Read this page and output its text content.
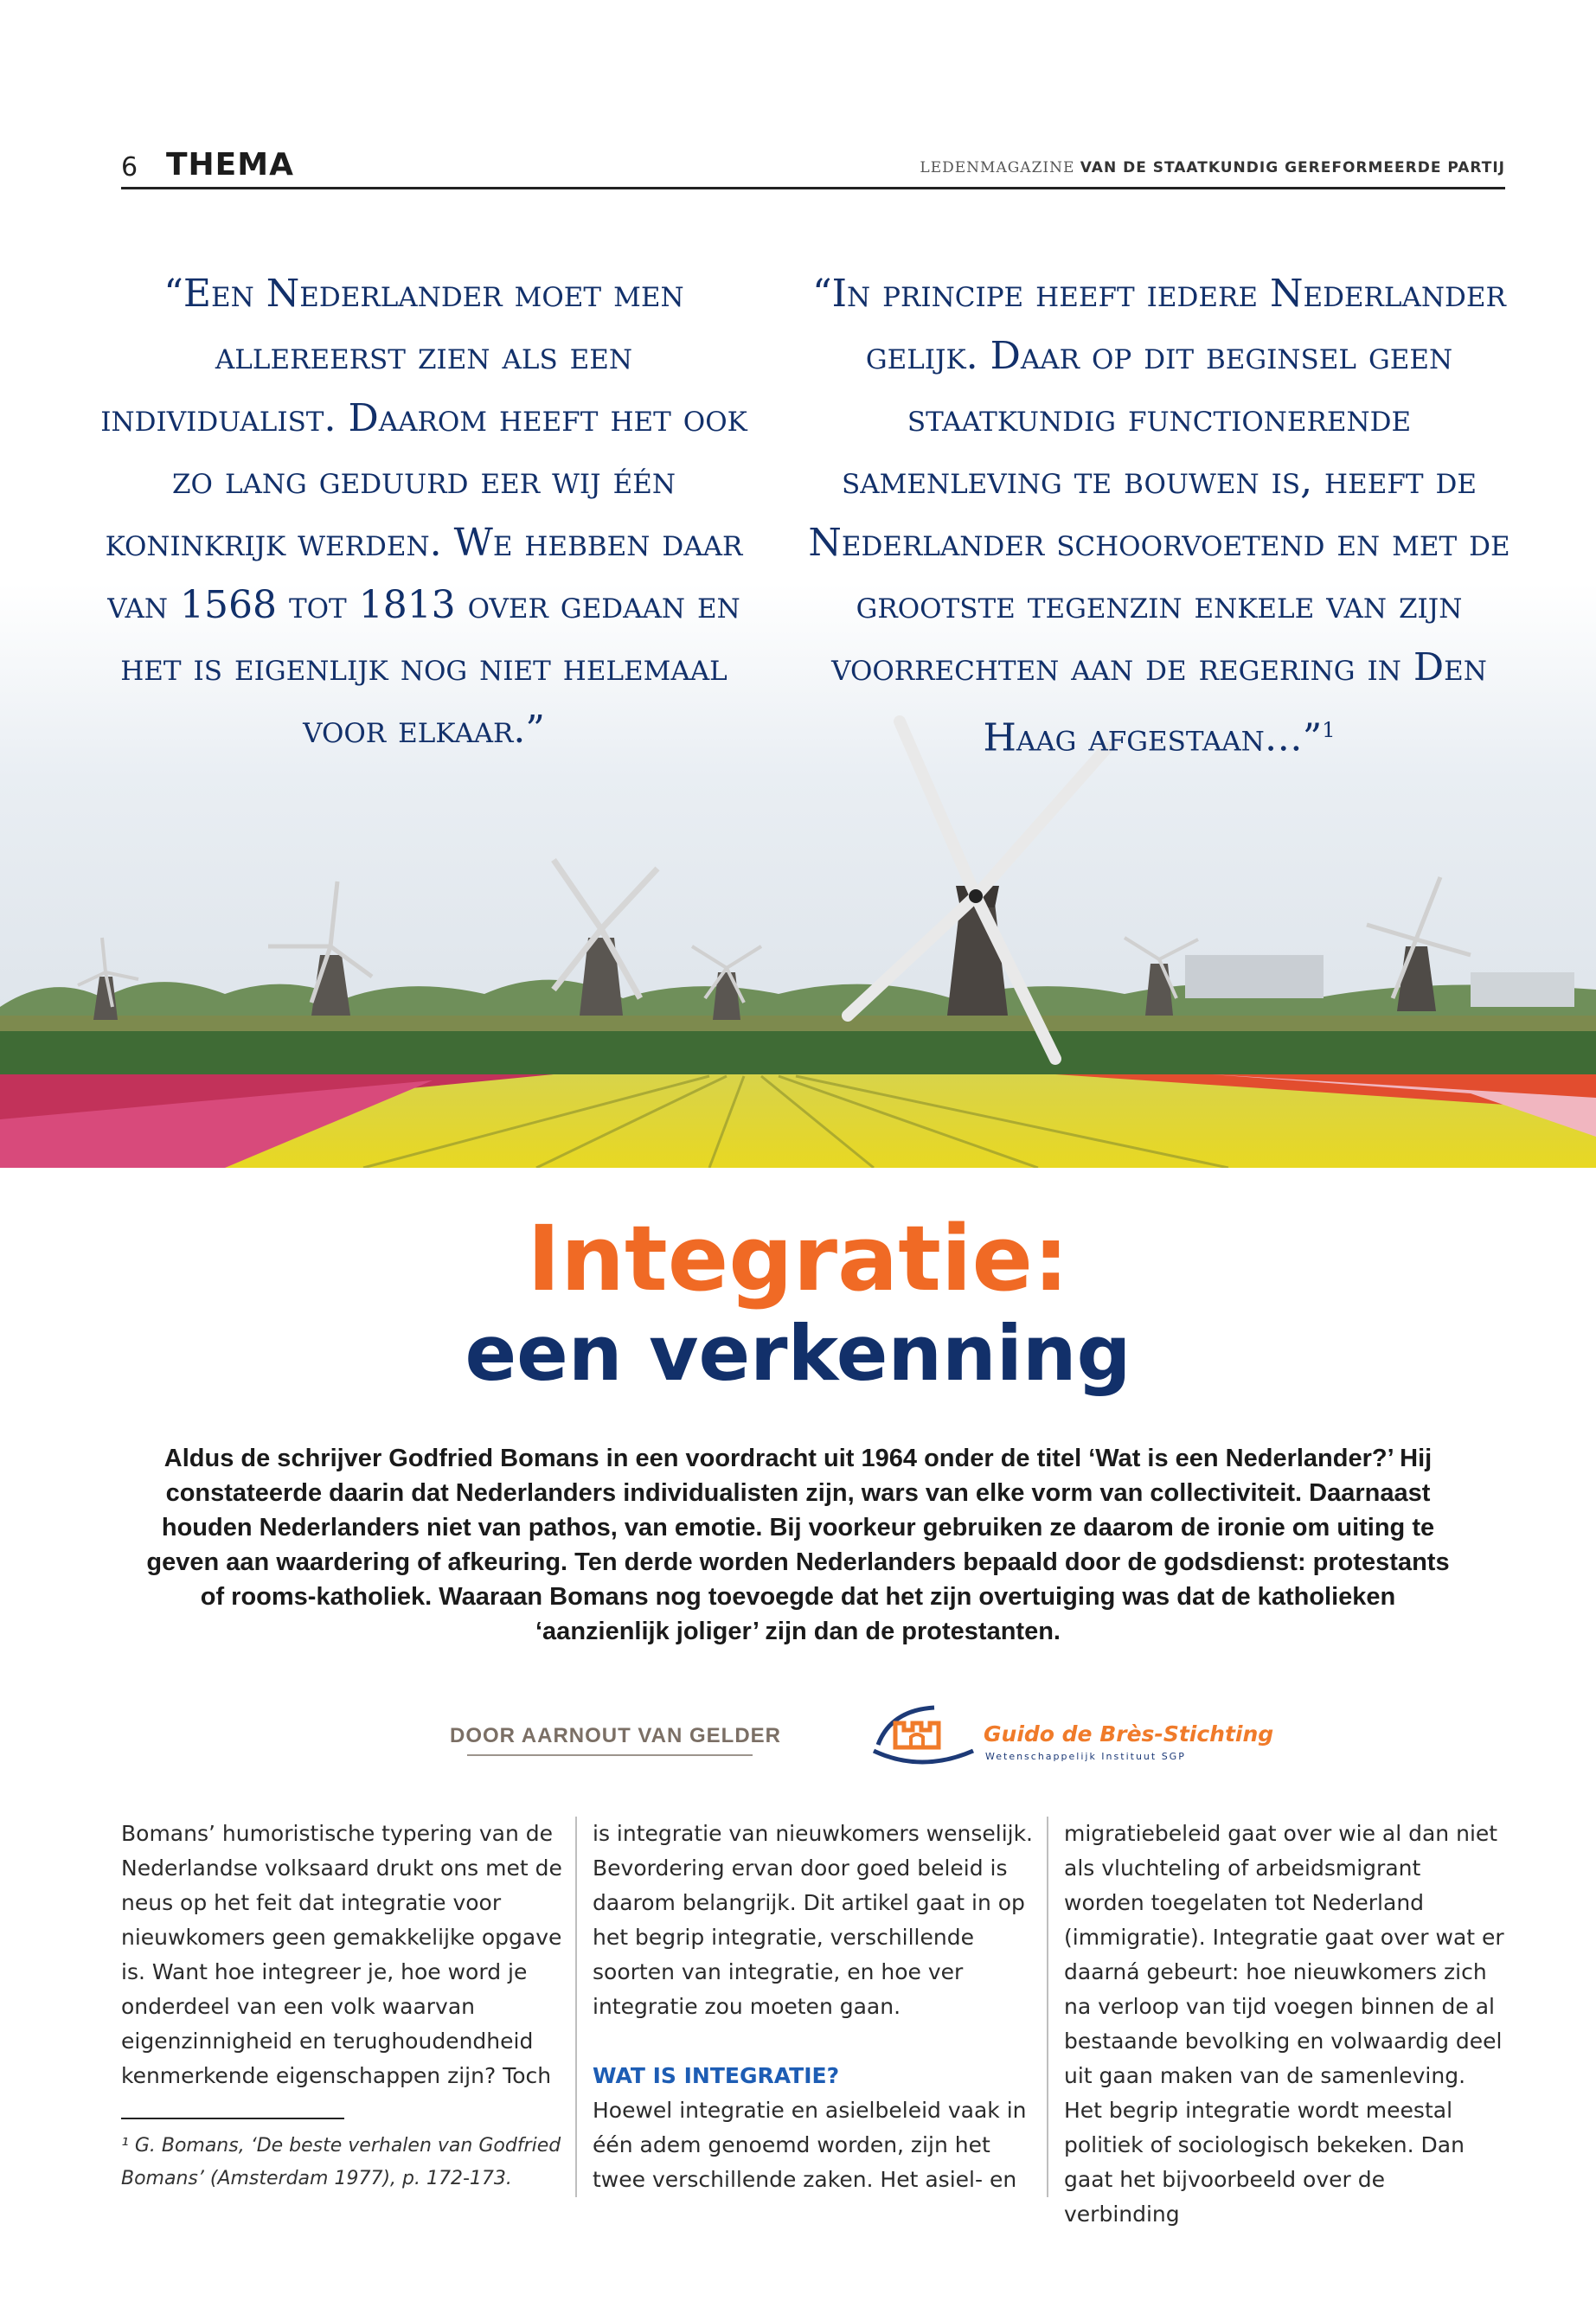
6 THEMA	LEDENMAGAZINE VAN DE STAATKUNDIG GEREFORMEERDE PARTIJ
“Een Nederlander moet men allereerst zien als een individualist. Daarom heeft het ook zo lang geduurd eer wij één koninkrijk werden. We hebben daar van 1568 tot 1813 over gedaan en het is eigenlijk nog niet helemaal voor elkaar.”
“In principe heeft iedere Nederlander gelijk. Daar op dit beginsel geen staatkundig functionerende samenleving te bouwen is, heeft de Nederlander schoorvoetend en met de grootste tegenzin enkele van zijn voorrechten aan de regering in Den Haag afgestaan…”$^1$
Integratie:
een verkenning
Aldus de schrijver Godfried Bomans in een voordracht uit 1964 onder de titel ‘Wat is een Nederlander?’ Hij constateerde daarin dat Nederlanders individualisten zijn, wars van elke vorm van collectiviteit. Daarnaast houden Nederlanders niet van pathos, van emotie. Bij voorkeur gebruiken ze daarom de ironie om uiting te geven aan waardering of afkeuring. Ten derde worden Nederlanders bepaald door de godsdienst: protestants of rooms-katholiek. Waaraan Bomans nog toevoegde dat het zijn overtuiging was dat de katholieken ‘aanzienlijk joliger’ zijn dan de protestanten.
DOOR AARNOUT VAN GELDER	Guido de Brès-Stichting
Wetenschappelijk Instituut SGP

Bomans’ humoristische typering van de Nederlandse volksaard drukt ons met de neus op het feit dat integratie voor nieuwkomers geen gemakkelijke opgave is. Want hoe integreer je, hoe word je onderdeel van een volk waarvan eigenzinnigheid en terughoudendheid kenmerkende eigenschappen zijn? Toch

is integratie van nieuwkomers wenselijk. Bevordering ervan door goed beleid is daarom belangrijk. Dit artikel gaat in op het begrip integratie, verschillende soorten van integratie, en hoe ver integratie zou moeten gaan.

WAT IS INTEGRATIE?

Hoewel integratie en asielbeleid vaak in één adem genoemd worden, zijn het twee verschillende zaken. Het asiel- en

migratiebeleid gaat over wie al dan niet als vluchteling of arbeidsmigrant worden toegelaten tot Nederland (immigratie). Integratie gaat over wat er daarná gebeurt: hoe nieuwkomers zich na verloop van tijd voegen binnen de al bestaande bevolking en volwaardig deel uit gaan maken van de samenleving. Het begrip integratie wordt meestal politiek of sociologisch bekeken. Dan gaat het bijvoorbeeld over de verbinding

¹ G. Bomans, ‘De beste verhalen van Godfried Bomans’ (Amsterdam 1977), p. 172-173.
